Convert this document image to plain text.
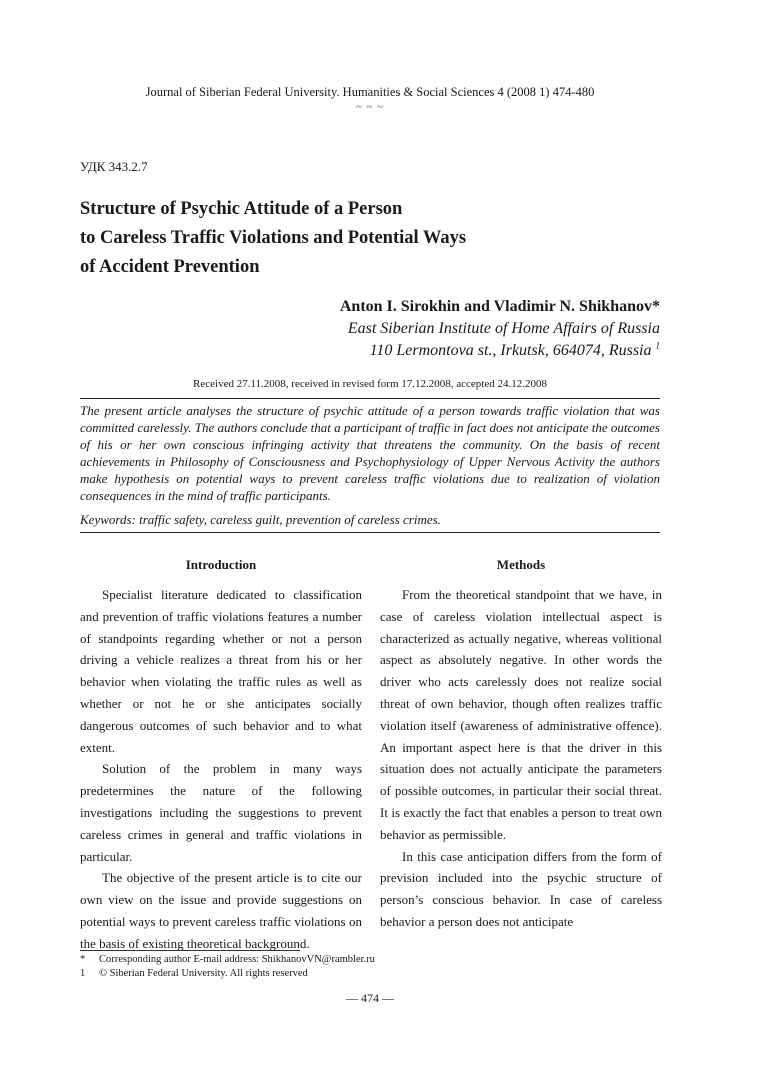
Journal of Siberian Federal University. Humanities & Social Sciences 4 (2008 1) 474-480
~ ~ ~
УДК 343.2.7
Structure of Psychic Attitude of a Person
to Careless Traffic Violations and Potential Ways
of Accident Prevention
Anton I. Sirokhin and Vladimir N. Shikhanov*
East Siberian Institute of Home Affairs of Russia
110 Lermontova st., Irkutsk, 664074, Russia $^1$
Received 27.11.2008, received in revised form 17.12.2008, accepted 24.12.2008
The present article analyses the structure of psychic attitude of a person towards traffic violation that was committed carelessly. The authors conclude that a participant of traffic in fact does not anticipate the outcomes of his or her own conscious infringing activity that threatens the community. On the basis of recent achievements in Philosophy of Consciousness and Psychophysiology of Upper Nervous Activity the authors make hypothesis on potential ways to prevent careless traffic violations due to realization of violation consequences in the mind of traffic participants.
Keywords: traffic safety, careless guilt, prevention of careless crimes.
Introduction

Specialist literature dedicated to classification and prevention of traffic violations features a number of standpoints regarding whether or not a person driving a vehicle realizes a threat from his or her behavior when violating the traffic rules as well as whether or not he or she anticipates socially dangerous outcomes of such behavior and to what extent.

Solution of the problem in many ways predetermines the nature of the following investigations including the suggestions to prevent careless crimes in general and traffic violations in particular.

The objective of the present article is to cite our own view on the issue and provide suggestions on potential ways to prevent careless traffic violations on the basis of existing theoretical background.

Methods

From the theoretical standpoint that we have, in case of careless violation intellectual aspect is characterized as actually negative, whereas volitional aspect as absolutely negative. In other words the driver who acts carelessly does not realize social threat of own behavior, though often realizes traffic violation itself (awareness of administrative offence). An important aspect here is that the driver in this situation does not actually anticipate the parameters of possible outcomes, in particular their social threat. It is exactly the fact that enables a person to treat own behavior as permissible.

In this case anticipation differs from the form of prevision included into the psychic structure of person’s conscious behavior. In case of careless behavior a person does not anticipate

* Corresponding author E-mail address: ShikhanovVN@rambler.ru
1 © Siberian Federal University. All rights reserved
— 474 —
